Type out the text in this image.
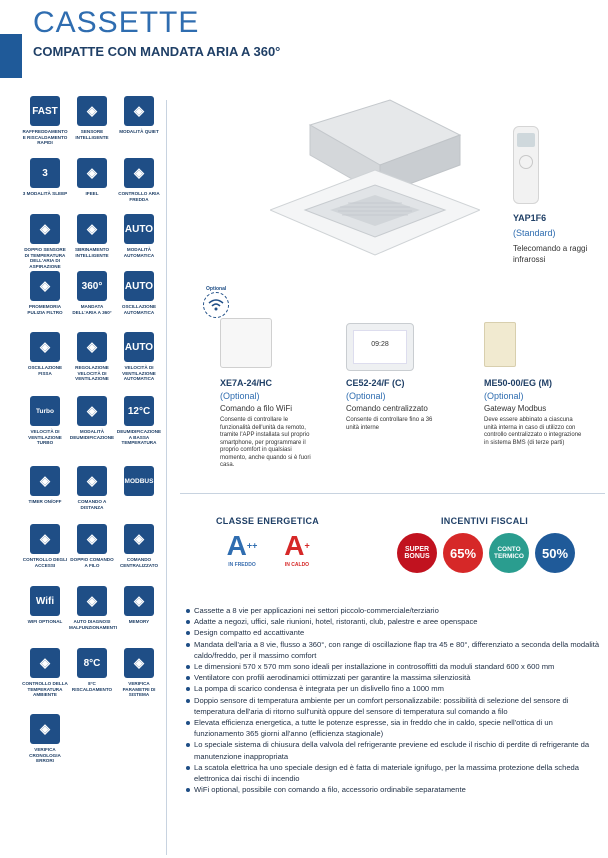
CASSETTE
COMPATTE CON MANDATA ARIA A 360°
FAST
RAFFREDDAMENTO E RISCALDAMENTO RAPIDI
◈
SENSORE INTELLIGENTE
◈
MODALITÀ QUIET
3
3 MODALITÀ SLEEP
◈
IFEEL
◈
CONTROLLO ARIA FREDDA
◈
DOPPIO SENSORE DI TEMPERATURA DELL'ARIA DI ASPIRAZIONE
◈
SBRINAMENTO INTELLIGENTE
AUTO
MODALITÀ AUTOMATICA
◈
PROMEMORIA PULIZIA FILTRO
360°
MANDATA DELL'ARIA A 360°
AUTO
OSCILLAZIONE AUTOMATICA
◈
OSCILLAZIONE FISSA
◈
REGOLAZIONE VELOCITÀ DI VENTILAZIONE
AUTO
VELOCITÀ DI VENTILAZIONE AUTOMATICA
Turbo
VELOCITÀ DI VENTILAZIONE TURBO
◈
MODALITÀ DEUMIDIFICAZIONE
12°C
DEUMIDIFICAZIONE A BASSA TEMPERATURA
◈
TIMER ON/OFF
◈
COMANDO A DISTANZA
MODBUS
◈
CONTROLLO DEGLI ACCESSI
◈
DOPPIO COMANDO A FILO
◈
COMANDO CENTRALIZZATO
Wifi
WIFI OPTIONAL
◈
AUTO DIAGNOSI MALFUNZIONAMENTI
◈
MEMORY
◈
CONTROLLO DELLA TEMPERATURA AMBIENTE
8°C
8°C RISCALDAMENTO
◈
VERIFICA PARAMETRI DI SISTEMA
◈
VERIFICA CRONOLOGIA ERRORI
YAP1F6
(Standard)
Telecomando a raggi infrarossi
Optional
09:28
XE7A-24/HC
(Optional)
Comando a filo WiFi
Consente di controllare le funzionalità dell'unità da remoto, tramite l'APP installata sul proprio smartphone, per programmare il proprio comfort in qualsiasi momento, anche quando si è fuori casa.
CE52-24/F (C)
(Optional)
Comando centralizzato
Consente di controllare fino a 36 unità interne
ME50-00/EG (M)
(Optional)
Gateway Modbus
Deve essere abbinato a ciascuna unità interna in caso di utilizzo con controllo centralizzato o integrazione in sistema BMS (di terze parti)
CLASSE ENERGETICA
A++
IN FREDDO
A+
IN CALDO
INCENTIVI FISCALI
SUPER BONUS	65%	CONTO TERMICO	50%
Cassette a 8 vie per applicazioni nei settori piccolo-commerciale/terziario
Adatte a negozi, uffici, sale riunioni, hotel, ristoranti, club, palestre e aree openspace
Design compatto ed accattivante
Mandata dell'aria a 8 vie, flusso a 360°, con range di oscillazione flap tra 45 e 80°, differenziato a seconda della modalità caldo/freddo, per il massimo comfort
Le dimensioni 570 x 570 mm sono ideali per installazione in controsoffitti da moduli standard 600 x 600 mm
Ventilatore con profili aerodinamici ottimizzati per garantire la massima silenziosità
La pompa di scarico condensa è integrata per un dislivello fino a 1000 mm
Doppio sensore di temperatura ambiente per un comfort personalizzabile: possibilità di selezione del sensore di temperatura dell'aria di ritorno sull'unità oppure del sensore di temperatura sul comando a filo
Elevata efficienza energetica, a tutte le potenze espresse, sia in freddo che in caldo, specie nell'ottica di un funzionamento 365 giorni all'anno (efficienza stagionale)
Lo speciale sistema di chiusura della valvola del refrigerante previene ed esclude il rischio di perdite di refrigerante da manutenzione inappropriata
La scatola elettrica ha uno speciale design ed è fatta di materiale ignifugo, per la massima protezione della scheda elettronica dai rischi di incendio
WiFi optional, possibile con comando a filo, accessorio ordinabile separatamente
